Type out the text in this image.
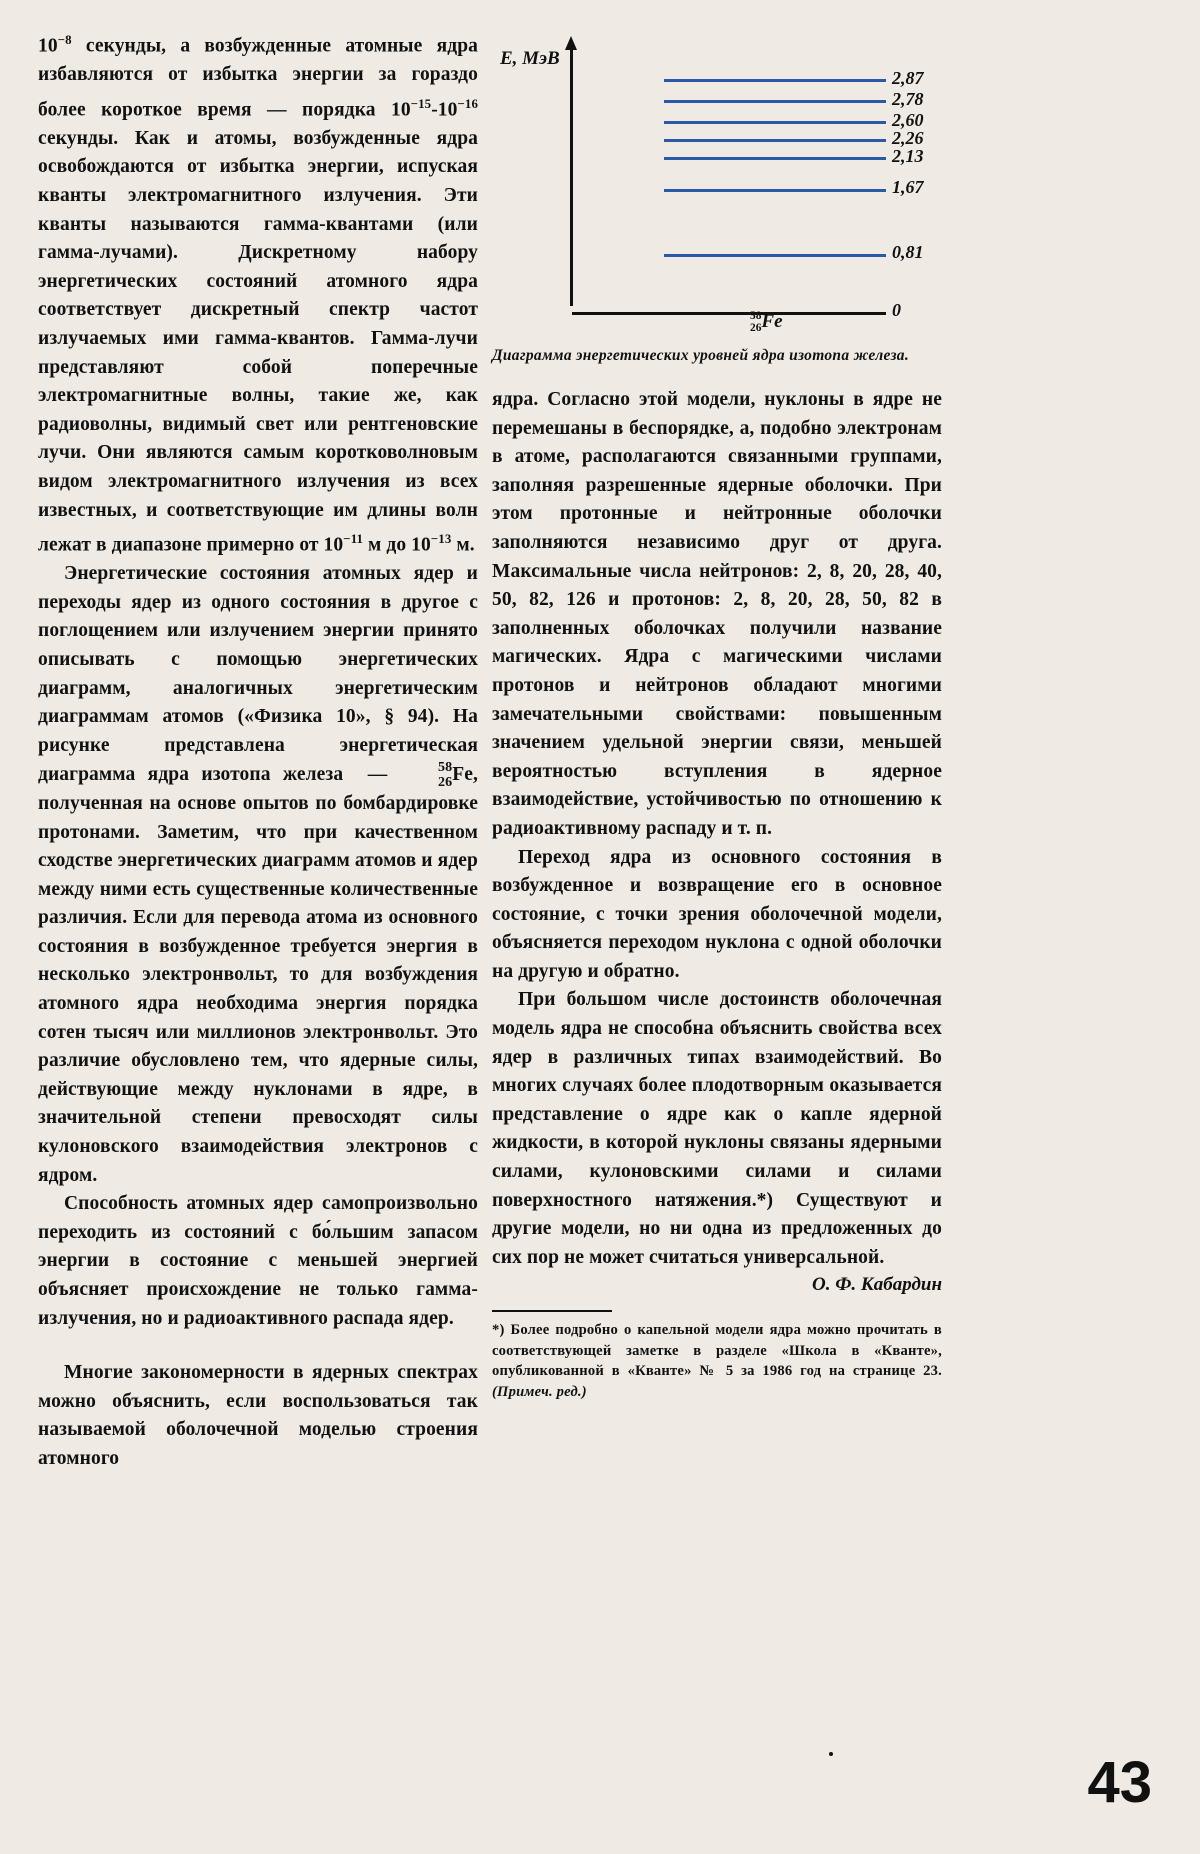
$10^{-8}$ секунды, а возбужденные атомные ядра избавляются от избытка энергии за гораздо более короткое время — порядка $10^{-15}-10^{-16}$ секунды. Как и атомы, возбужденные ядра освобождаются от избытка энергии, испуская кванты электромагнитного излучения. Эти кванты называются гамма-квантами (или гамма-лучами). Дискретному набору энергетических состояний атомного ядра соответствует дискретный спектр частот излучаемых ими гамма-квантов. Гамма-лучи представляют собой поперечные электромагнитные волны, такие же, как радиоволны, видимый свет или рентгеновские лучи. Они являются самым коротковолновым видом электромагнитного излучения из всех известных, и соответствующие им длины волн лежат в диапазоне примерно от $10^{-11}$ м до $10^{-13}$ м.

Энергетические состояния атомных ядер и переходы ядер из одного состояния в другое с поглощением или излучением энергии принято описывать с помощью энергетических диаграмм, аналогичных энергетическим диаграммам атомов («Физика 10», § 94). На рисунке представлена энергетическая диаграмма ядра изотопа железа  —	58
26 Fe, полученная на основе опытов по бомбардировке протонами. Заметим, что при качественном сходстве энергетических диаграмм атомов и ядер между ними есть существенные количественные различия. Если для перевода атома из основного состояния в возбужденное требуется энергия в несколько электронвольт, то для возбуждения атомного ядра необходима энергия порядка сотен тысяч или миллионов электронвольт. Это различие обусловлено тем, что ядерные силы, действующие между нуклонами в ядре, в значительной степени превосходят силы кулоновского взаимодействия электронов с ядром.

Способность атомных ядер самопроизвольно переходить из состояний с бо́льшим запасом энергии в состояние с меньшей энергией объясняет происхождение не только гамма-излучения, но и радиоактивного распада ядер.

Многие закономерности в ядерных спектрах можно объяснить, если воспользоваться так называемой оболочечной моделью строения атомного

Е, МэВ
2,87
2,78
2,60
2,26
2,13
1,67
0,81
0
58
26 Fe
Диаграмма энергетических уровней ядра изотопа железа.

ядра. Согласно этой модели, нуклоны в ядре не перемешаны в беспорядке, а, подобно электронам в атоме, располагаются связанными группами, заполняя разрешенные ядерные оболочки. При этом протонные и нейтронные оболочки заполняются независимо друг от друга. Максимальные числа нейтронов: 2, 8, 20, 28, 40, 50, 82, 126 и протонов: 2, 8, 20, 28, 50, 82 в заполненных оболочках получили название магических. Ядра с магическими числами протонов и нейтронов обладают многими замечательными свойствами: повышенным значением удельной энергии связи, меньшей вероятностью вступления в ядерное взаимодействие, устойчивостью по отношению к радиоактивному распаду и т. п.

Переход ядра из основного состояния в возбужденное и возвращение его в основное состояние, с точки зрения оболочечной модели, объясняется переходом нуклона с одной оболочки на другую и обратно.

При большом числе достоинств оболочечная модель ядра не способна объяснить свойства всех ядер в различных типах взаимодействий. Во многих случаях более плодотворным оказывается представление о ядре как о капле ядерной жидкости, в которой нуклоны связаны ядерными силами, кулоновскими силами и силами поверхностного натяжения.*) Существуют и другие модели, но ни одна из предложенных до сих пор не может считаться универсальной.

О. Ф. Кабардин
*) Более подробно о капельной модели ядра можно прочитать в соответствующей заметке в разделе «Школа в «Кванте», опубликованной в «Кванте» № 5 за 1986 год на странице 23. (Примеч. ред.)
43
